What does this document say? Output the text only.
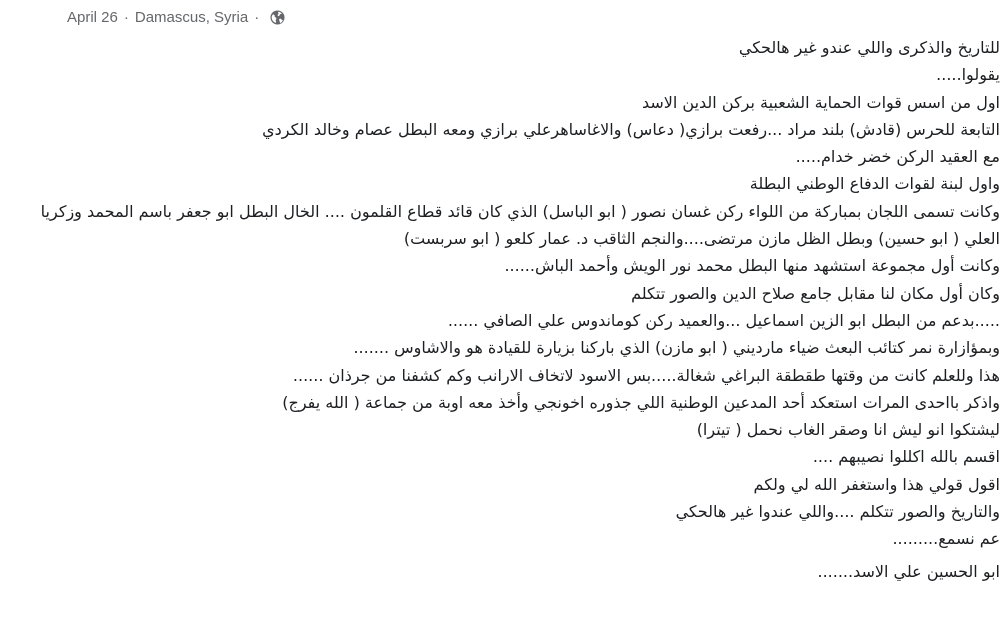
April 26 · Damascus, Syria ·
للتاريخ والذكرى واللي عندو غير هالحكي
يقولوا.....
اول من اسس قوات الحماية الشعبية بركن الدين الاسد
التابعة للحرس (قادش) بلند مراد ...رفعت برازي( دعاس) والاغاساهرعلي برازي ومعه البطل عصام وخالد الكردي
مع العقيد الركن خضر خدام.....
واول لبنة لقوات الدفاع الوطني البطلة
وكانت تسمى اللجان بمباركة من اللواء ركن غسان نصور ( ابو الباسل) الذي كان قائد قطاع القلمون .... الخال البطل ابو جعفر باسم المحمد وزكريا العلي ( ابو حسين) وبطل الظل مازن مرتضى....والنجم الثاقب د. عمار كلعو ( ابو سربست)
وكانت أول مجموعة استشهد منها البطل محمد نور الويش وأحمد الباش......
وكان أول مكان لنا مقابل جامع صلاح الدين والصور تتكلم
.....بدعم من البطل ابو الزين اسماعيل ...والعميد ركن كوماندوس علي الصافي ......
وبمؤازارة نمر كتائب البعث ضياء مارديني ( ابو مازن) الذي باركنا بزيارة للقيادة هو والاشاوس .......
هذا وللعلم كانت من وقتها طقطقة البراغي شغالة.....بس الاسود لاتخاف الارانب وكم كشفنا من جرذان ......
واذكر بااحدى المرات استعكد أحد المدعين الوطنية اللي جذوره اخونجي وأخذ معه اوبة من جماعة ( الله يفرج)
ليشتكوا انو ليش انا وصقر الغاب نحمل ( تيترا)
اقسم بالله اكللوا نصيبهم ....
اقول قولي هذا واستغفر الله لي ولكم
والتاريخ والصور تتكلم ....واللي عندوا غير هالحكي
عم نسمع.........
ابو الحسين علي الاسد.......
